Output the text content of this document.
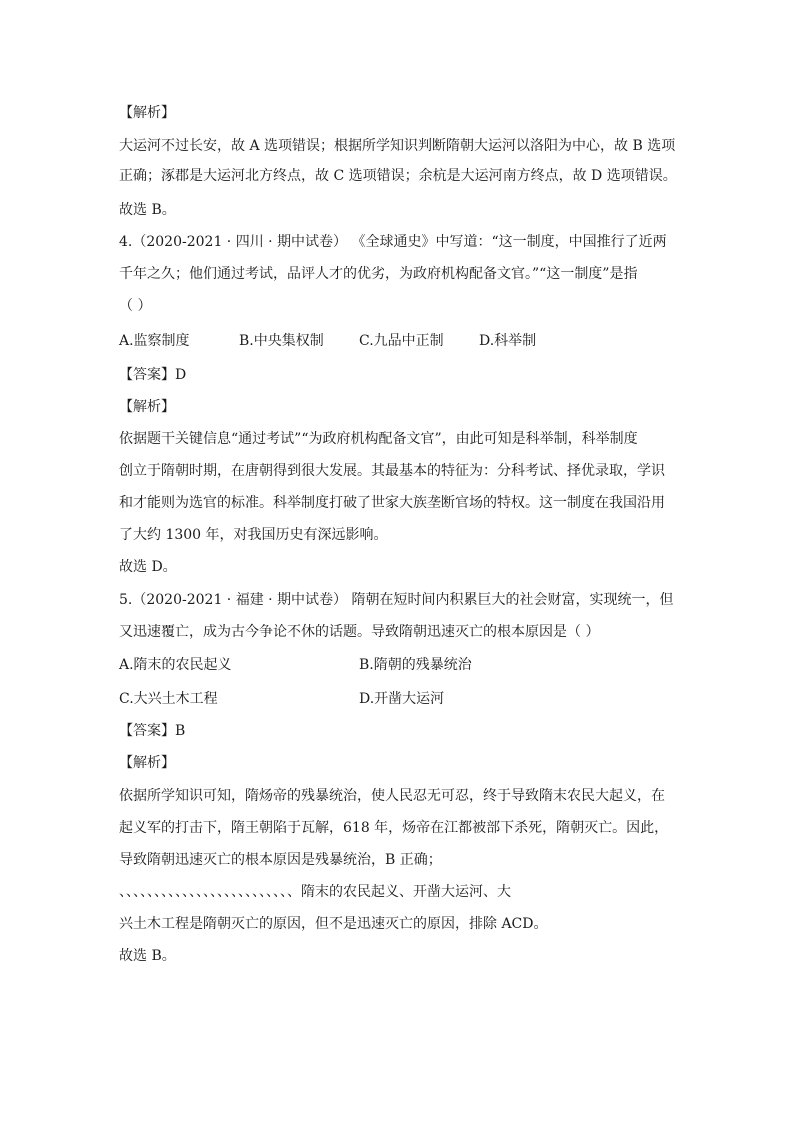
【解析】
大运河不过长安，故 A 选项错误；根据所学知识判断隋朝大运河以洛阳为中心，故 B 选项
正确；涿郡是大运河北方终点，故 C 选项错误；余杭是大运河南方终点，故 D 选项错误。
故选 B。
4.（2020-2021 · 四川 · 期中试卷） 《全球通史》中写道：“这一制度，中国推行了近两
千年之久；他们通过考试，品评人才的优劣，为政府机构配备文官。”“这一制度”是指
（ ）
A.监察制度	B.中央集权制	C.九品中正制	D.科举制
【答案】D
【解析】
依据题干关键信息“通过考试”“为政府机构配备文官”，由此可知是科举制，科举制度
创立于隋朝时期，在唐朝得到很大发展。其最基本的特征为：分科考试、择优录取，学识
和才能则为选官的标准。科举制度打破了世家大族垄断官场的特权。这一制度在我国沿用
了大约 1300 年，对我国历史有深远影响。
故选 D。
5.（2020-2021 · 福建 · 期中试卷） 隋朝在短时间内积累巨大的社会财富，实现统一，但
又迅速覆亡，成为古今争论不休的话题。导致隋朝迅速灭亡的根本原因是（ ）
A.隋末的农民起义	B.隋朝的残暴统治
C.大兴土木工程	D.开凿大运河
【答案】B
【解析】
依据所学知识可知，隋炀帝的残暴统治，使人民忍无可忍，终于导致隋末农民大起义，在
起义军的打击下，隋王朝陷于瓦解，618 年，炀帝在江都被部下杀死，隋朝灭亡。因此，
导致隋朝迅速灭亡的根本原因是残暴统治，B 正确；
、、、、、、、、、、、、、、、、、、、、、、、、、隋末的农民起义、开凿大运河、大
兴土木工程是隋朝灭亡的原因，但不是迅速灭亡的原因，排除 ACD。
故选 B。
